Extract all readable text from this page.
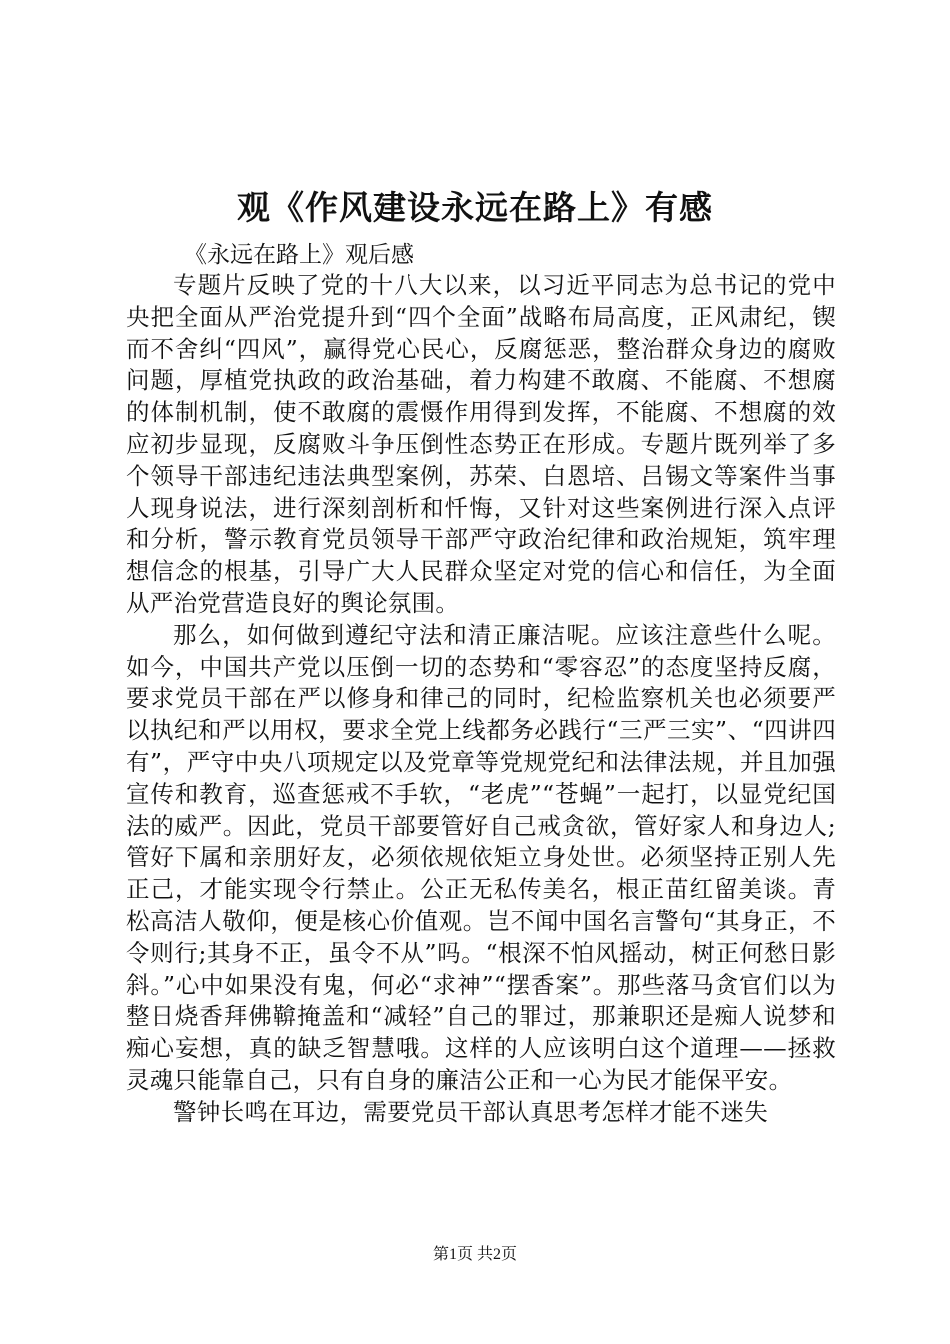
观《作风建设永远在路上》有感

《永远在路上》观后感

专题片反映了党的十八大以来，以习近平同志为总书记的党中央把全面从严治党提升到“四个全面”战略布局高度，正风肃纪，锲而不舍纠“四风”，赢得党心民心，反腐惩恶，整治群众身边的腐败问题，厚植党执政的政治基础，着力构建不敢腐、不能腐、不想腐的体制机制，使不敢腐的震慑作用得到发挥，不能腐、不想腐的效应初步显现，反腐败斗争压倒性态势正在形成。专题片既列举了多个领导干部违纪违法典型案例，苏荣、白恩培、吕锡文等案件当事人现身说法，进行深刻剖析和忏悔，又针对这些案例进行深入点评和分析，警示教育党员领导干部严守政治纪律和政治规矩，筑牢理想信念的根基，引导广大人民群众坚定对党的信心和信任，为全面从严治党营造良好的舆论氛围。

那么，如何做到遵纪守法和清正廉洁呢。应该注意些什么呢。如今，中国共产党以压倒一切的态势和“零容忍”的态度坚持反腐，要求党员干部在严以修身和律己的同时，纪检监察机关也必须要严以执纪和严以用权，要求全党上线都务必践行“三严三实”、“四讲四有”，严守中央八项规定以及党章等党规党纪和法律法规，并且加强宣传和教育，巡查惩戒不手软，“老虎”“苍蝇”一起打，以显党纪国法的威严。因此，党员干部要管好自己戒贪欲，管好家人和身边人;管好下属和亲朋好友，必须依规依矩立身处世。必须坚持正别人先正己，才能实现令行禁止。公正无私传美名，根正苗红留美谈。青松高洁人敬仰，便是核心价值观。岂不闻中国名言警句“其身正，不令则行;其身不正，虽令不从”吗。“根深不怕风摇动，树正何愁日影斜。”心中如果没有鬼，何必“求神”“摆香案”。那些落马贪官们以为整日烧香拜佛鞥掩盖和“减轻”自己的罪过，那兼职还是痴人说梦和痴心妄想，真的缺乏智慧哦。这样的人应该明白这个道理——拯救灵魂只能靠自己，只有自身的廉洁公正和一心为民才能保平安。

警钟长鸣在耳边，需要党员干部认真思考怎样才能不迷失

第1页 共2页
